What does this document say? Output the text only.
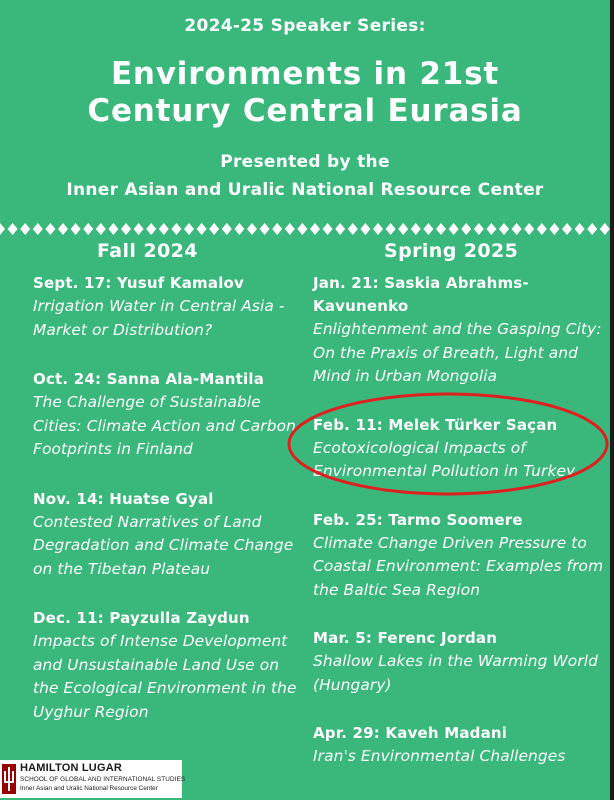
2024-25 Speaker Series:
Environments in 21st
Century Central Eurasia
Presented by the
Inner Asian and Uralic National Resource Center
Fall 2024	Spring 2025
Sept. 17: Yusuf Kamalov
Irrigation Water in Central Asia - Market or Distribution?
Oct. 24: Sanna Ala-Mantila
The Challenge of Sustainable Cities: Climate Action and Carbon Footprints in Finland
Nov. 14: Huatse Gyal
Contested Narratives of Land Degradation and Climate Change on the Tibetan Plateau
Dec. 11: Payzulla Zaydun
Impacts of Intense Development and Unsustainable Land Use on the Ecological Environment in the Uyghur Region
Jan. 21: Saskia Abrahms-Kavunenko
Enlightenment and the Gasping City: On the Praxis of Breath, Light and Mind in Urban Mongolia
Feb. 11: Melek Türker Saçan
Ecotoxicological Impacts of Environmental Pollution in Turkey
Feb. 25: Tarmo Soomere
Climate Change Driven Pressure to Coastal Environment: Examples from the Baltic Sea Region
Mar. 5: Ferenc Jordan
Shallow Lakes in the Warming World (Hungary)
Apr. 29: Kaveh Madani
Iran's Environmental Challenges
HAMILTON LUGAR
SCHOOL OF GLOBAL AND INTERNATIONAL STUDIES
Inner Asian and Uralic National Resource Center
